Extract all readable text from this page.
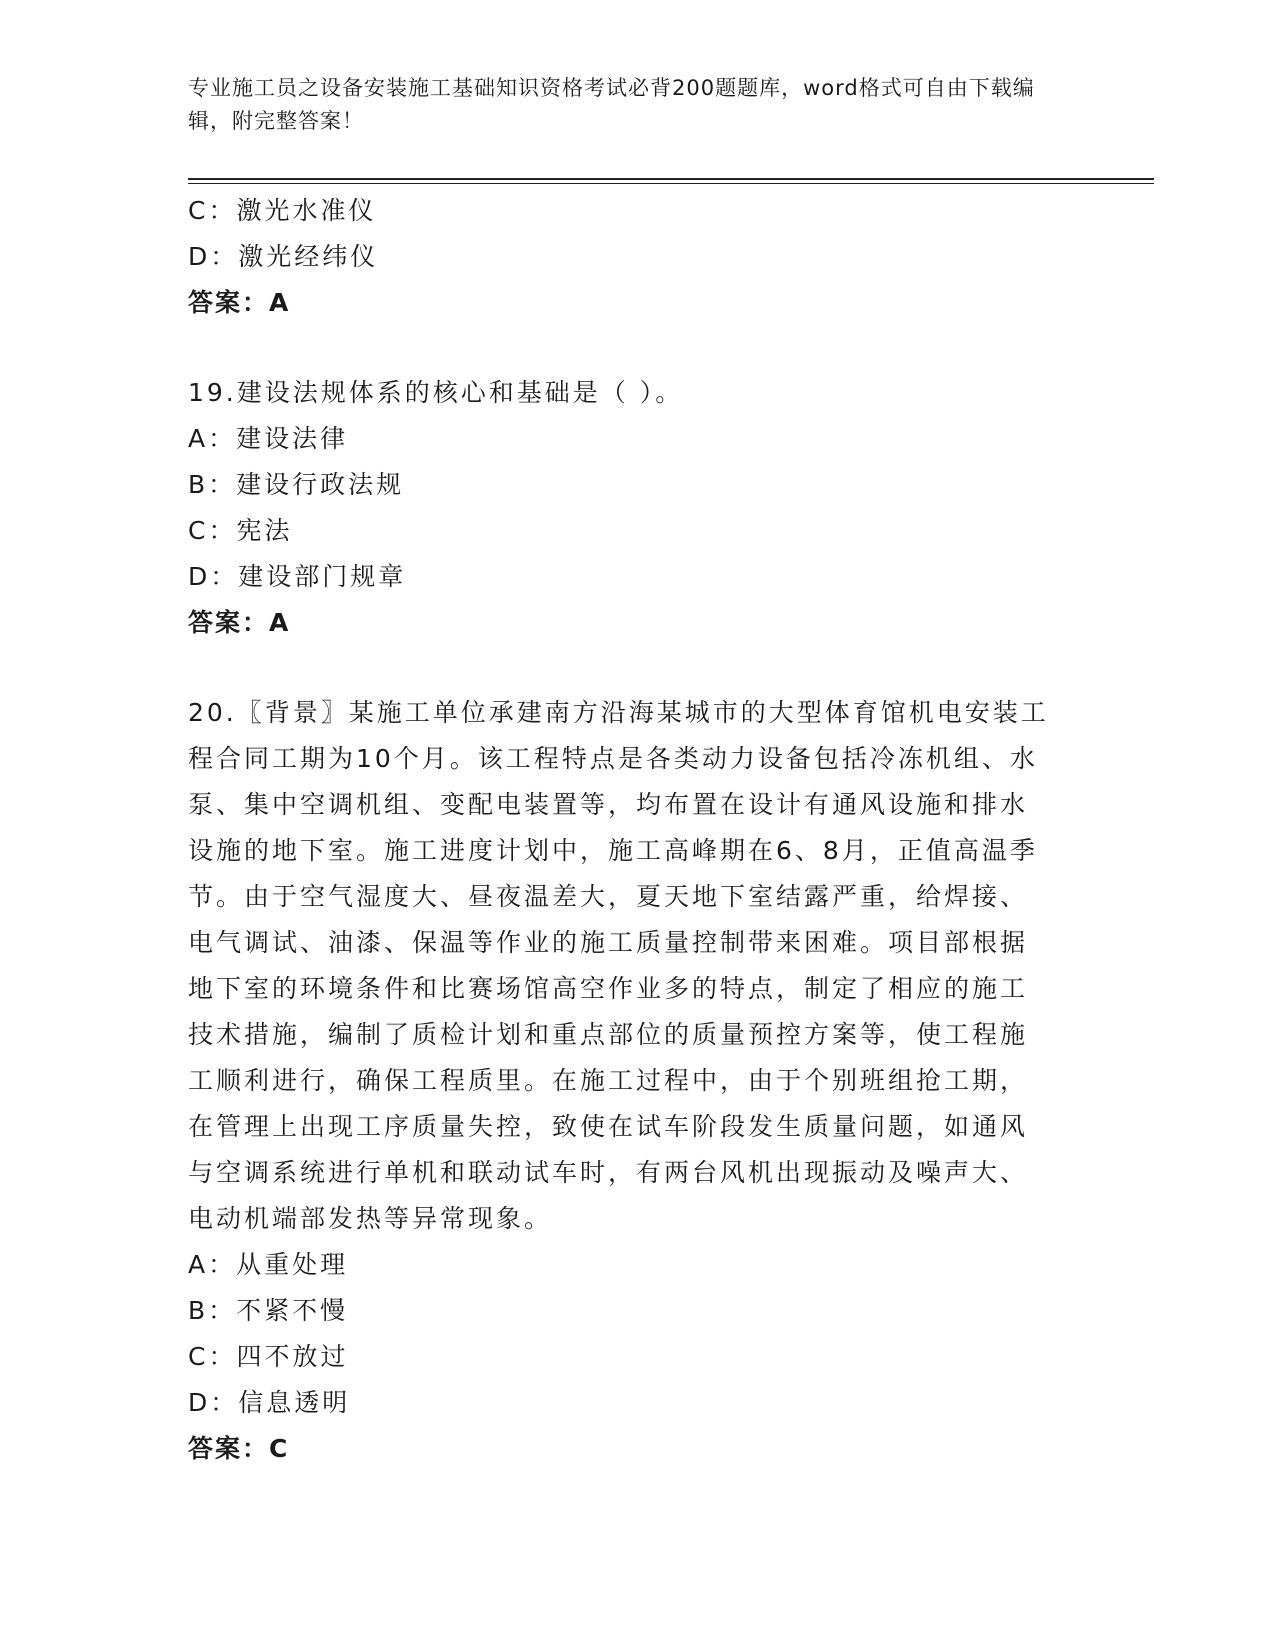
专业施工员之设备安装施工基础知识资格考试必背200题题库，word格式可自由下载编辑，附完整答案！
C：激光水准仪
D：激光经纬仪
答案：A
19.建设法规体系的核心和基础是（ ）。
A：建设法律
B：建设行政法规
C：宪法
D：建设部门规章
答案：A
20.〖背景〗某施工单位承建南方沿海某城市的大型体育馆机电安装工
程合同工期为10个月。该工程特点是各类动力设备包括冷冻机组、水
泵、集中空调机组、变配电装置等，均布置在设计有通风设施和排水
设施的地下室。施工进度计划中，施工高峰期在6、8月，正值高温季
节。由于空气湿度大、昼夜温差大，夏天地下室结露严重，给焊接、
电气调试、油漆、保温等作业的施工质量控制带来困难。项目部根据
地下室的环境条件和比赛场馆高空作业多的特点，制定了相应的施工
技术措施，编制了质检计划和重点部位的质量预控方案等，使工程施
工顺利进行，确保工程质里。在施工过程中，由于个别班组抢工期，
在管理上出现工序质量失控，致使在试车阶段发生质量问题，如通风
与空调系统进行单机和联动试车时，有两台风机出现振动及噪声大、
电动机端部发热等异常现象。
A：从重处理
B：不紧不慢
C：四不放过
D：信息透明
答案：C
